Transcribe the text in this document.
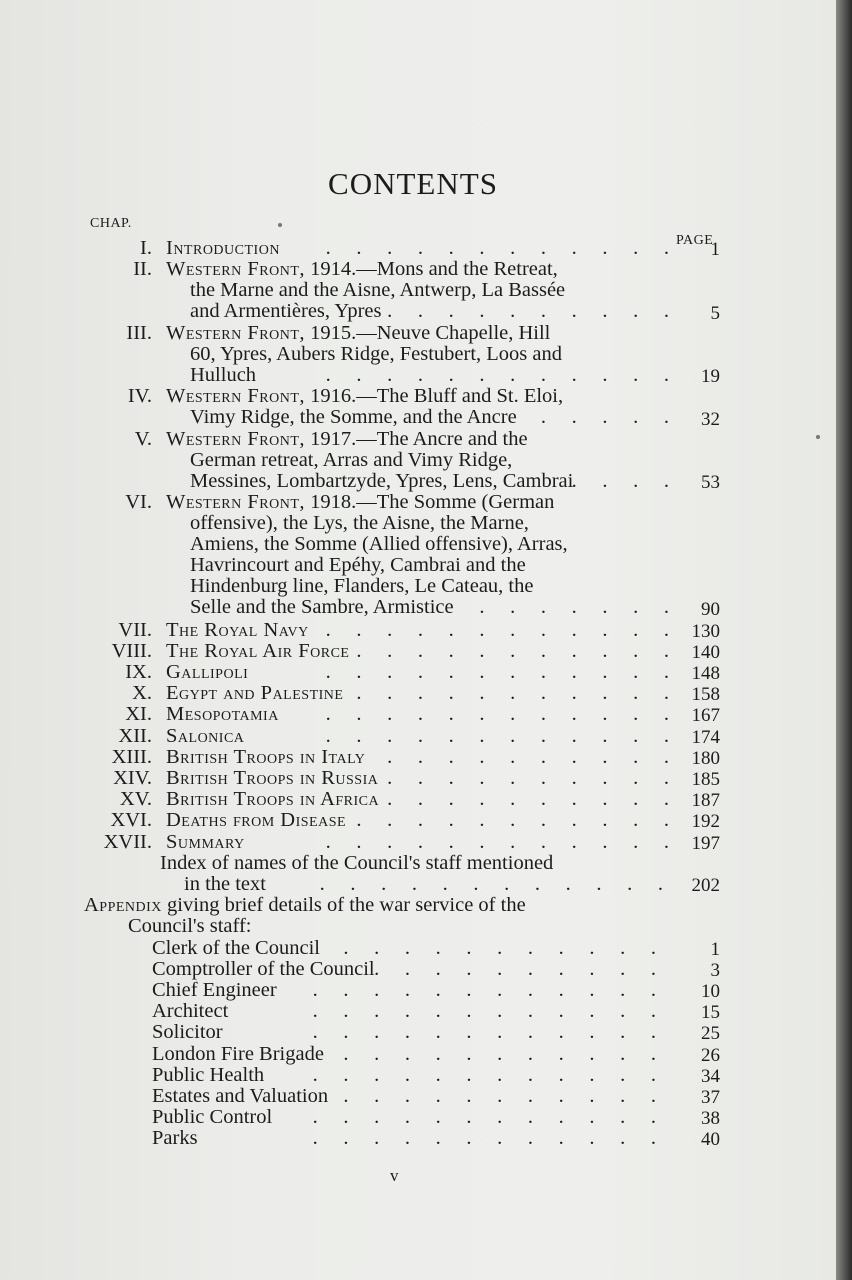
CONTENTS
CHAP.
PAGE
I. Introduction .	1
II. Western Front, 1914.—Mons and the Retreat,
the Marne and the Aisne, Antwerp, La Bassée
and Armentières, Ypres .	5
III. Western Front, 1915.—Neuve Chapelle, Hill
60, Ypres, Aubers Ridge, Festubert, Loos and
Hulluch .	19
IV. Western Front, 1916.—The Bluff and St. Eloi,
Vimy Ridge, the Somme, and the Ancre .	32
V. Western Front, 1917.—The Ancre and the
German retreat, Arras and Vimy Ridge,
Messines, Lombartzyde, Ypres, Lens, Cambrai .	53
VI. Western Front, 1918.—The Somme (German
offensive), the Lys, the Aisne, the Marne,
Amiens, the Somme (Allied offensive), Arras,
Havrincourt and Epéhy, Cambrai and the
Hindenburg line, Flanders, Le Cateau, the
Selle and the Sambre, Armistice .	90
VII. The Royal Navy .	130
VIII. The Royal Air Force .	140
IX. Gallipoli .	148
X. Egypt and Palestine .	158
XI. Mesopotamia .	167
XII. Salonica .	174
XIII. British Troops in Italy .	180
XIV. British Troops in Russia .	185
XV. British Troops in Africa .	187
XVI. Deaths from Disease .	192
XVII. Summary .	197
Index of names of the Council's staff mentioned
in the text .	202
Appendix giving brief details of the war service of the
Council's staff:
Clerk of the Council .	1
Comptroller of the Council .	3
Chief Engineer .	10
Architect .	15
Solicitor .	25
London Fire Brigade .	26
Public Health .	34
Estates and Valuation .	37
Public Control .	38
Parks .	40
v
